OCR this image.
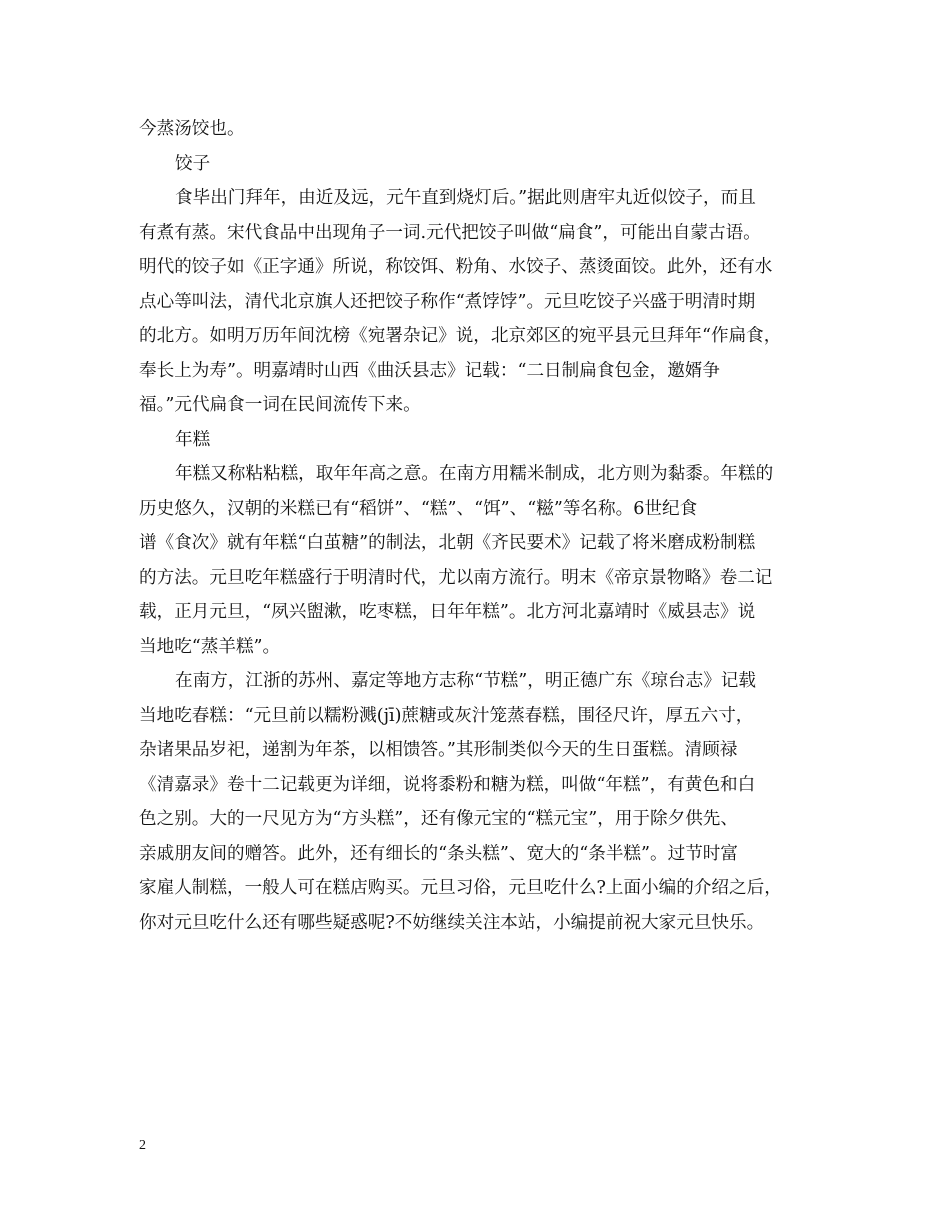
今蒸汤饺也。

饺子

食毕出门拜年，由近及远，元午直到烧灯后。”据此则唐牢丸近似饺子，而且

有煮有蒸。宋代食品中出现角子一词.元代把饺子叫做“扁食”，可能出自蒙古语。

明代的饺子如《正字通》所说，称饺饵、粉角、水饺子、蒸烫面饺。此外，还有水

点心等叫法，清代北京旗人还把饺子称作“煮饽饽”。元旦吃饺子兴盛于明清时期

的北方。如明万历年间沈榜《宛署杂记》说，北京郊区的宛平县元旦拜年“作扁食，

奉长上为寿”。明嘉靖时山西《曲沃县志》记载：“二日制扁食包金，邀婿争

福。”元代扁食一词在民间流传下来。

年糕

年糕又称粘粘糕，取年年高之意。在南方用糯米制成，北方则为黏黍。年糕的

历史悠久，汉朝的米糕已有“稻饼”、“糕”、“饵”、“糍”等名称。6世纪食

谱《食次》就有年糕“白茧糖”的制法，北朝《齐民要术》记载了将米磨成粉制糕

的方法。元旦吃年糕盛行于明清时代，尤以南方流行。明末《帝京景物略》卷二记

载，正月元旦，“夙兴盥漱，吃枣糕，日年年糕”。北方河北嘉靖时《威县志》说

当地吃“蒸羊糕”。

在南方，江浙的苏州、嘉定等地方志称“节糕”，明正德广东《琼台志》记载

当地吃春糕：“元旦前以糯粉溅(jī)蔗糖或灰汁笼蒸春糕，围径尺许，厚五六寸，

杂诸果品岁祀，递割为年茶，以相馈答。”其形制类似今天的生日蛋糕。清顾禄

《清嘉录》卷十二记载更为详细，说将黍粉和糖为糕，叫做“年糕”，有黄色和白

色之别。大的一尺见方为“方头糕”，还有像元宝的“糕元宝”，用于除夕供先、

亲戚朋友间的赠答。此外，还有细长的“条头糕”、宽大的“条半糕”。过节时富

家雇人制糕，一般人可在糕店购买。元旦习俗，元旦吃什么?上面小编的介绍之后，

你对元旦吃什么还有哪些疑惑呢?不妨继续关注本站，小编提前祝大家元旦快乐。

2
